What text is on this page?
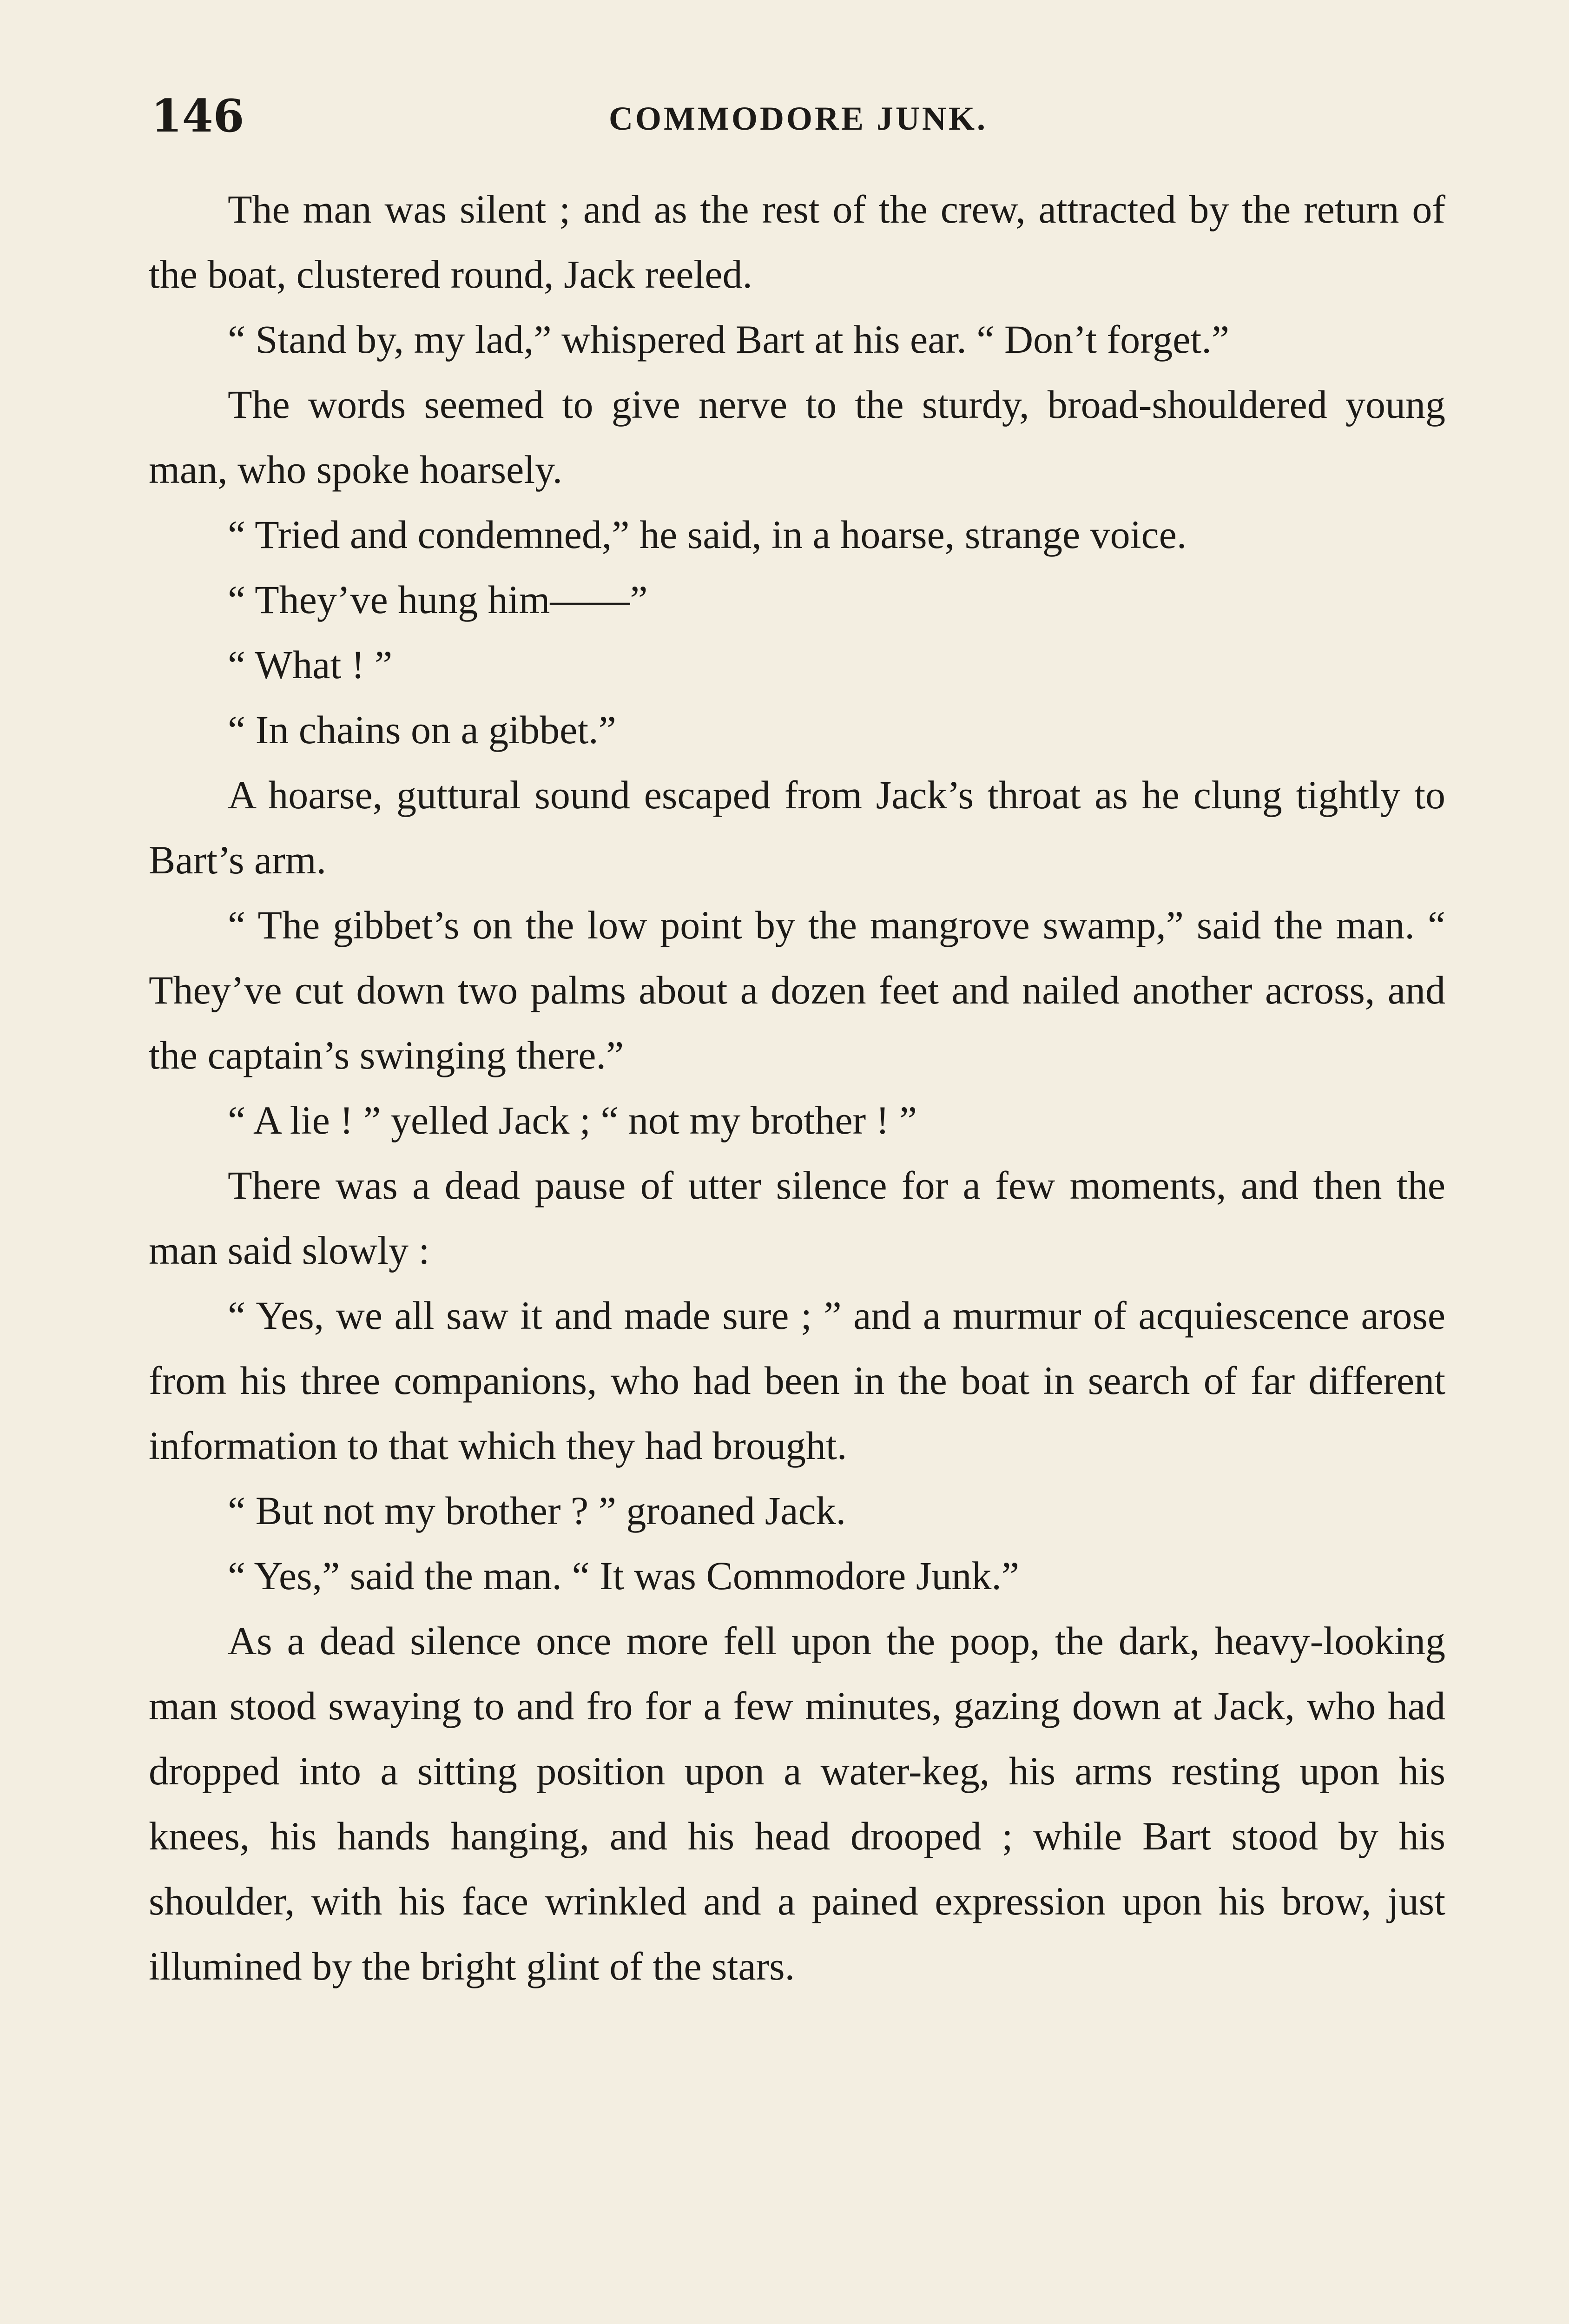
146	COMMODORE JUNK.

The man was silent ; and as the rest of the crew, attracted by the return of the boat, clustered round, Jack reeled.

“ Stand by, my lad,” whispered Bart at his ear. “ Don’t forget.”

The words seemed to give nerve to the sturdy, broad-shouldered young man, who spoke hoarsely.

“ Tried and condemned,” he said, in a hoarse, strange voice.

“ They’ve hung him——”

“ What ! ”

“ In chains on a gibbet.”

A hoarse, guttural sound escaped from Jack’s throat as he clung tightly to Bart’s arm.

“ The gibbet’s on the low point by the mangrove swamp,” said the man. “ They’ve cut down two palms about a dozen feet and nailed another across, and the captain’s swinging there.”

“ A lie ! ” yelled Jack ; “ not my brother ! ”

There was a dead pause of utter silence for a few moments, and then the man said slowly :

“ Yes, we all saw it and made sure ; ” and a murmur of acquiescence arose from his three companions, who had been in the boat in search of far different information to that which they had brought.

“ But not my brother ? ” groaned Jack.

“ Yes,” said the man. “ It was Commodore Junk.”

As a dead silence once more fell upon the poop, the dark, heavy-looking man stood swaying to and fro for a few minutes, gazing down at Jack, who had dropped into a sitting position upon a water-keg, his arms resting upon his knees, his hands hanging, and his head drooped ; while Bart stood by his shoulder, with his face wrinkled and a pained expression upon his brow, just illumined by the bright glint of the stars.
